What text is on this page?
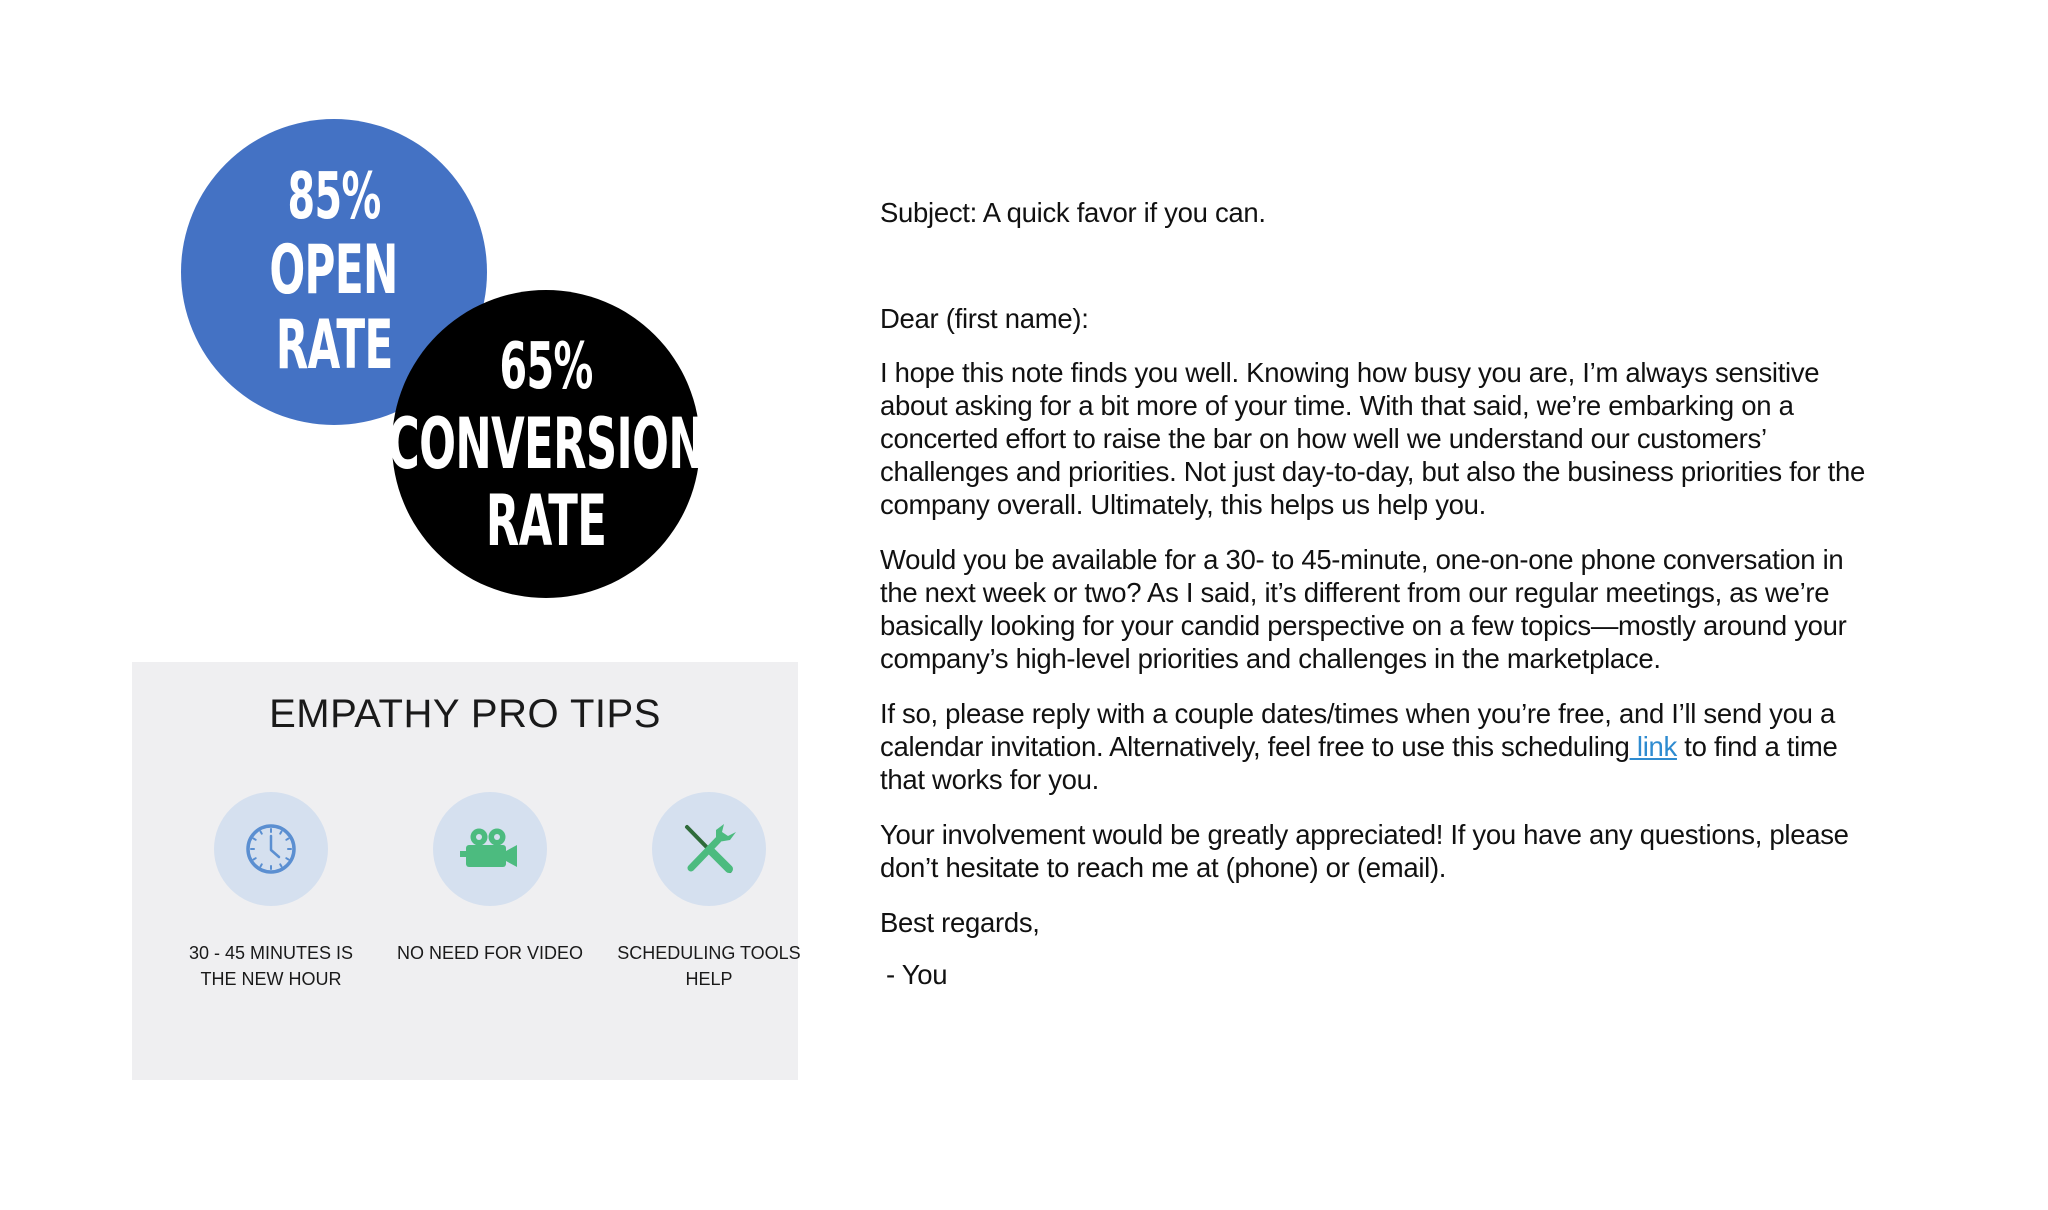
85%
OPEN
RATE 65%
CONVERSION
RATE
EMPATHY PRO TIPS
30 - 45 MINUTES IS
THE NEW HOUR
NO NEED FOR VIDEO	SCHEDULING TOOLS
HELP

Subject: A quick favor if you can.

Dear (first name):

I hope this note finds you well. Knowing how busy you are, I’m always sensitive about asking for a bit more of your time. With that said, we’re embarking on a concerted effort to raise the bar on how well we understand our customers’ challenges and priorities. Not just day-to-day, but also the business priorities for the company overall. Ultimately, this helps us help you.

Would you be available for a 30- to 45-minute, one-on-one phone conversation in the next week or two? As I said, it’s different from our regular meetings, as we’re basically looking for your candid perspective on a few topics—mostly around your company’s high-level priorities and challenges in the marketplace.

If so, please reply with a couple dates/times when you’re free, and I’ll send you a calendar invitation. Alternatively, feel free to use this scheduling link to find a time that works for you.

Your involvement would be greatly appreciated! If you have any questions, please don’t hesitate to reach me at (phone) or (email).

Best regards,

- You
